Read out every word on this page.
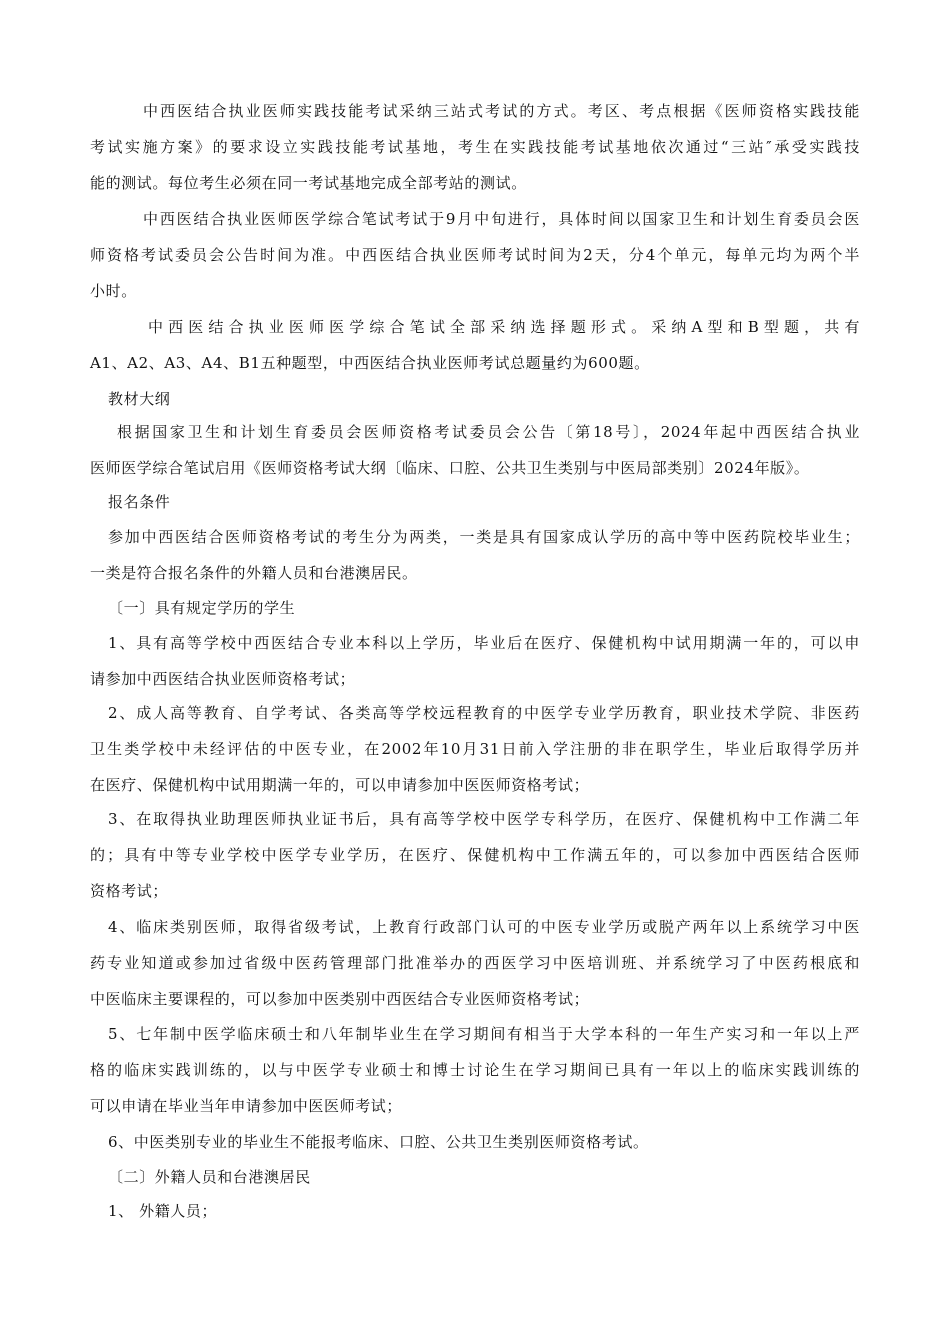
中西医结合执业医师实践技能考试采纳三站式考试的方式。考区、考点根据《医师资格实践技能
考试实施方案》的要求设立实践技能考试基地，考生在实践技能考试基地依次通过“三站″承受实践技
能的测试。每位考生必须在同一考试基地完成全部考站的测试。
中西医结合执业医师医学综合笔试考试于9月中旬进行，具体时间以国家卫生和计划生育委员会医
师资格考试委员会公告时间为准。中西医结合执业医师考试时间为2天，分4个单元，每单元均为两个半
小时。
中西医结合执业医师医学综合笔试全部采纳选择题形式。采纳A型和B型题，共有
A1、A2、A3、A4、B1五种题型，中西医结合执业医师考试总题量约为600题。
教材大纲
根据国家卫生和计划生育委员会医师资格考试委员会公告〔第18号〕，2024年起中西医结合执业
医师医学综合笔试启用《医师资格考试大纲〔临床、口腔、公共卫生类别与中医局部类别〕2024年版》。
报名条件
参加中西医结合医师资格考试的考生分为两类，一类是具有国家成认学历的高中等中医药院校毕业生；
一类是符合报名条件的外籍人员和台港澳居民。
〔一〕具有规定学历的学生
1、具有高等学校中西医结合专业本科以上学历，毕业后在医疗、保健机构中试用期满一年的，可以申
请参加中西医结合执业医师资格考试；
2、成人高等教育、自学考试、各类高等学校远程教育的中医学专业学历教育，职业技术学院、非医药
卫生类学校中未经评估的中医专业，在2002年10月31日前入学注册的非在职学生，毕业后取得学历并
在医疗、保健机构中试用期满一年的，可以申请参加中医医师资格考试；
3、在取得执业助理医师执业证书后，具有高等学校中医学专科学历，在医疗、保健机构中工作满二年
的；具有中等专业学校中医学专业学历，在医疗、保健机构中工作满五年的，可以参加中西医结合医师
资格考试；
4、临床类别医师，取得省级考试，上教育行政部门认可的中医专业学历或脱产两年以上系统学习中医
药专业知道或参加过省级中医药管理部门批准举办的西医学习中医培训班、并系统学习了中医药根底和
中医临床主要课程的，可以参加中医类别中西医结合专业医师资格考试；
5、七年制中医学临床硕士和八年制毕业生在学习期间有相当于大学本科的一年生产实习和一年以上严
格的临床实践训练的，以与中医学专业硕士和博士讨论生在学习期间已具有一年以上的临床实践训练的
可以申请在毕业当年申请参加中医医师考试；
6、中医类别专业的毕业生不能报考临床、口腔、公共卫生类别医师资格考试。
〔二〕外籍人员和台港澳居民
1、 外籍人员；
